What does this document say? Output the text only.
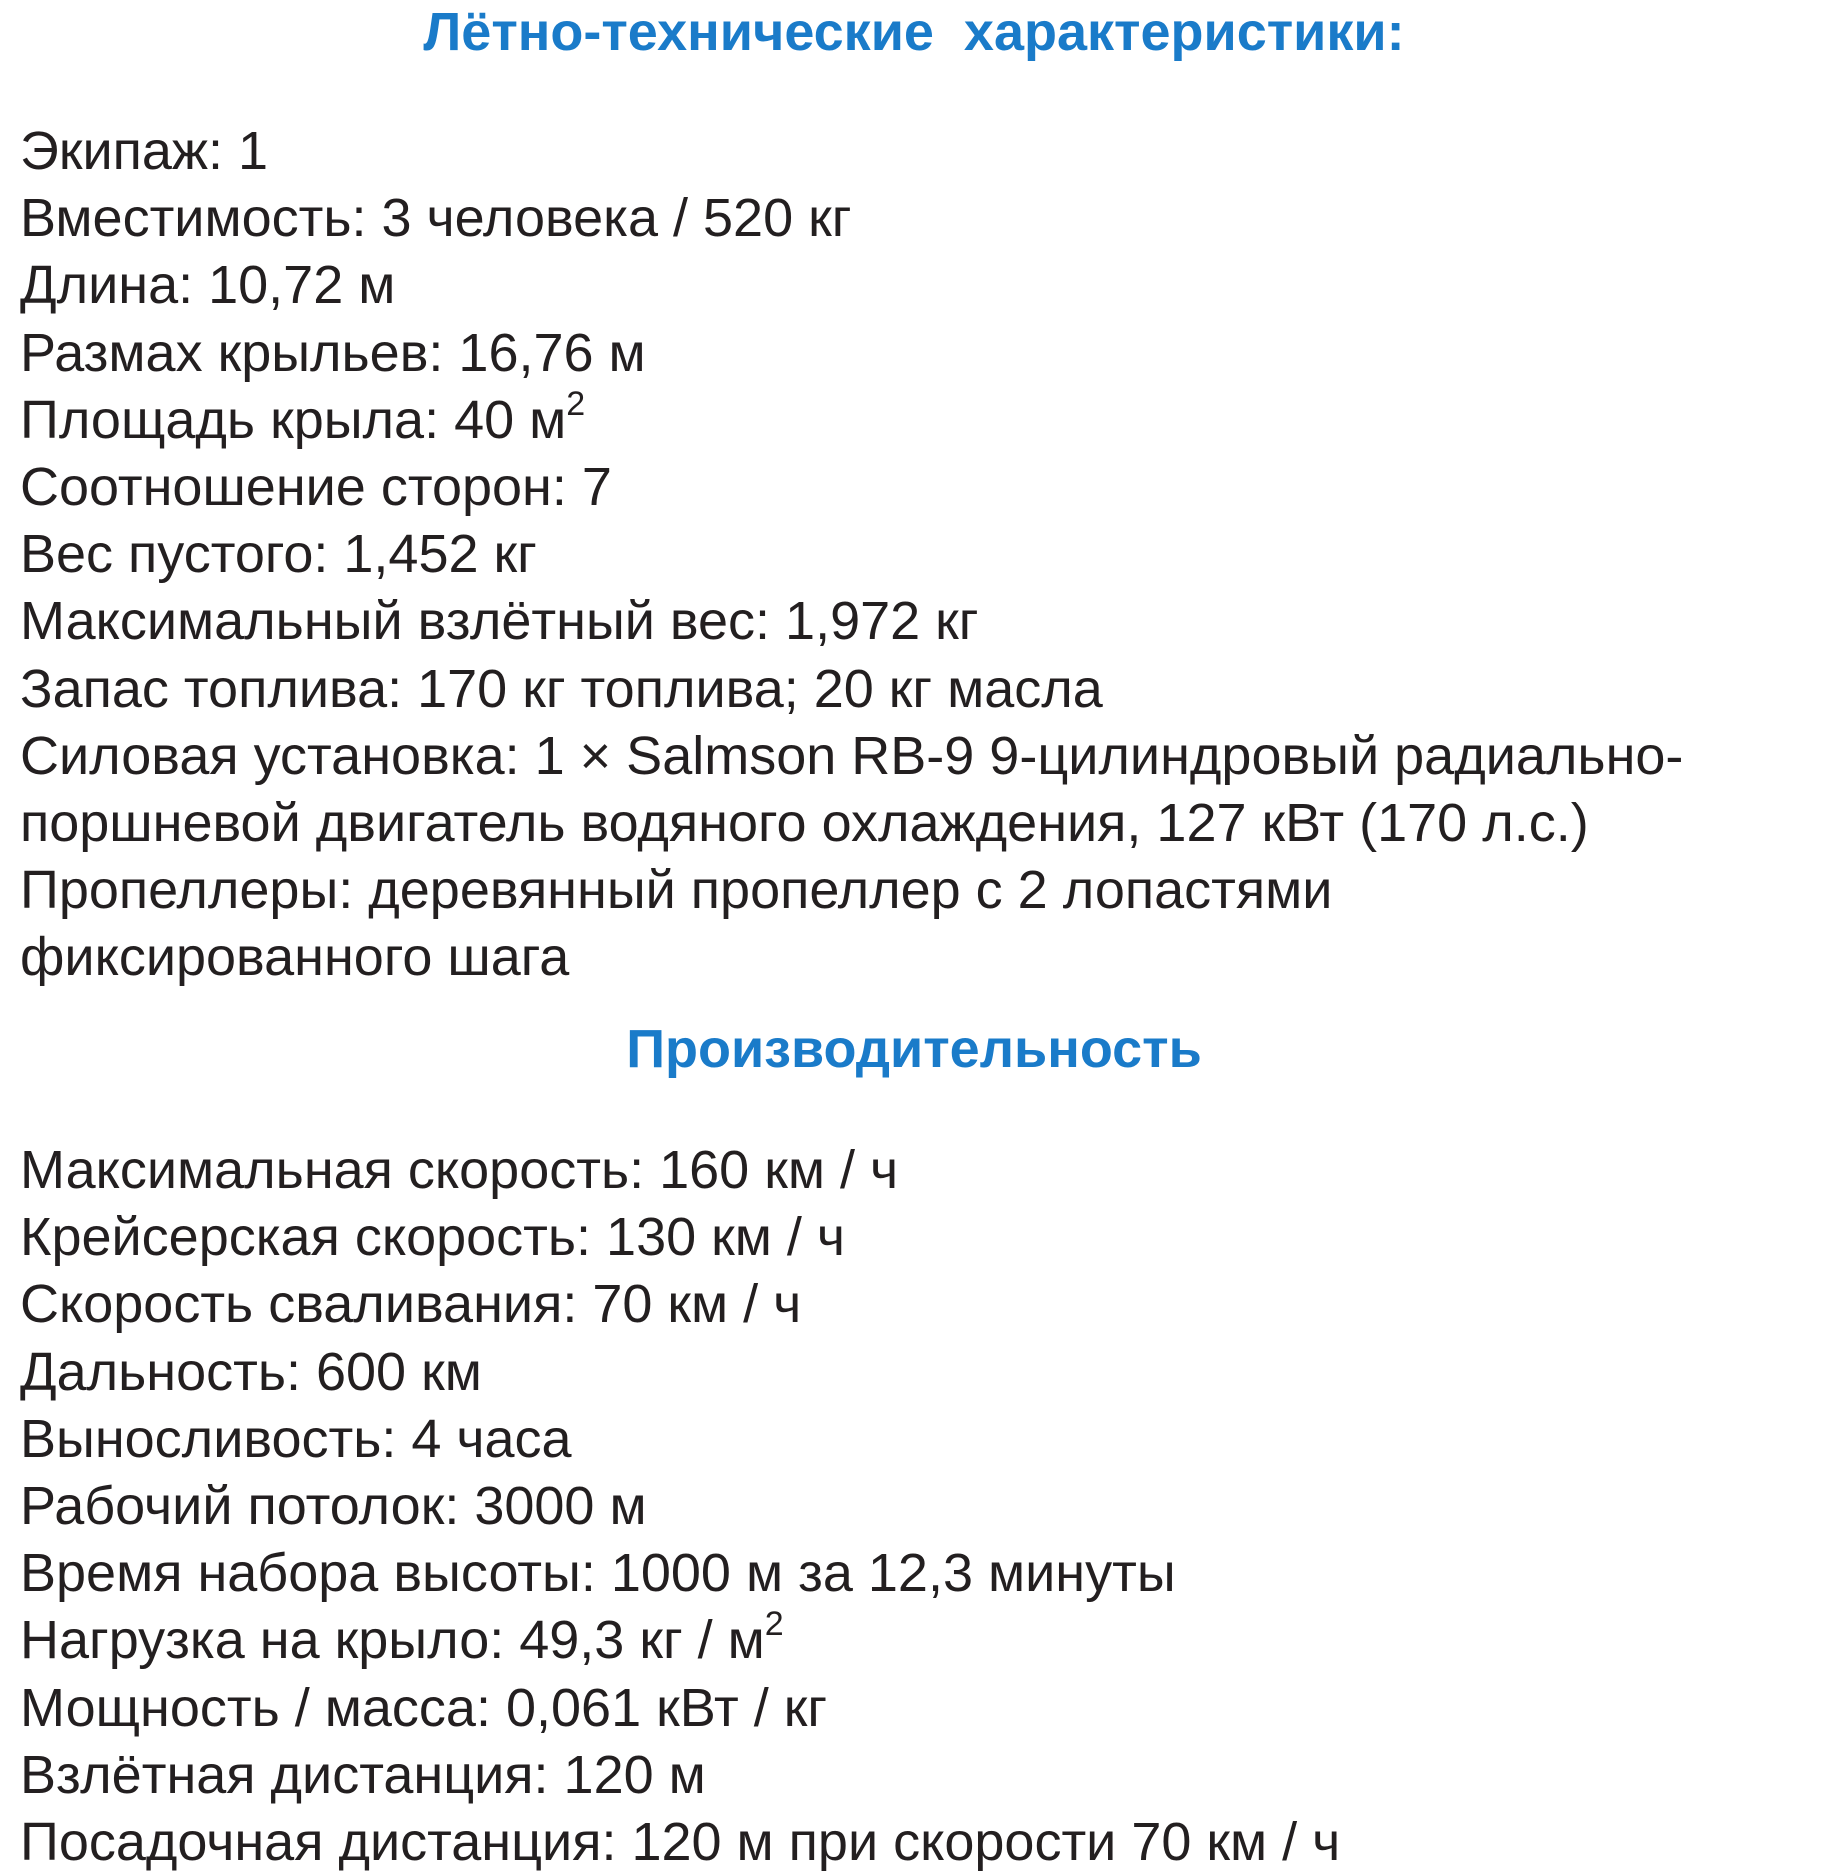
Лётно-технические  характеристики:
Экипаж: 1
Вместимость: 3 человека / 520 кг
Длина: 10,72 м
Размах крыльев: 16,76 м
Площадь крыла: 40 $м^2$
Соотношение сторон: 7
Вес пустого: 1,452 кг
Максимальный взлётный вес: 1,972 кг
Запас топлива: 170 кг топлива; 20 кг масла
Силовая установка: 1 × Salmson RB-9 9-цилиндровый радиально-
поршневой двигатель водяного охлаждения, 127 кВт (170 л.с.)
Пропеллеры: деревянный пропеллер с 2 лопастями
фиксированного шага
Производительность
Максимальная скорость: 160 км / ч
Крейсерская скорость: 130 км / ч
Скорость сваливания: 70 км / ч
Дальность: 600 км
Выносливость: 4 часа
Рабочий потолок: 3000 м
Время набора высоты: 1000 м за 12,3 минуты
Нагрузка на крыло: 49,3 кг / $м^2$
Мощность / масса: 0,061 кВт / кг
Взлётная дистанция: 120 м
Посадочная дистанция: 120 м при скорости 70 км / ч
